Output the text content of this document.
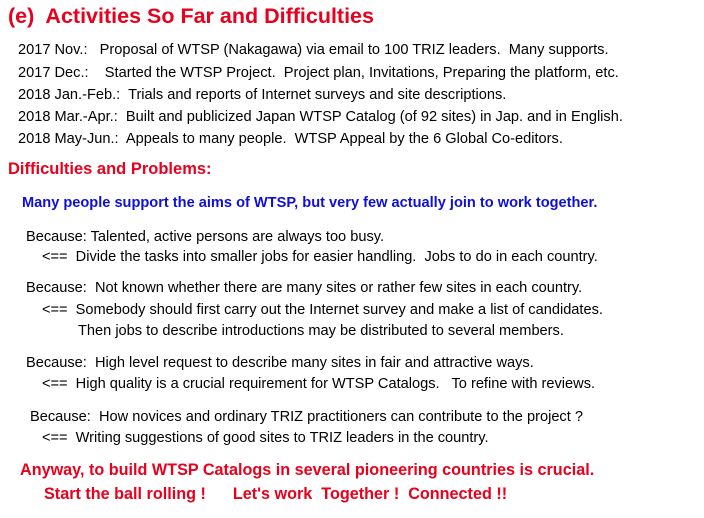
(e)  Activities So Far and Difficulties
2017 Nov.:   Proposal of WTSP (Nakagawa) via email to 100 TRIZ leaders.  Many supports.
2017 Dec.:    Started the WTSP Project.  Project plan, Invitations, Preparing the platform, etc.
2018 Jan.-Feb.:  Trials and reports of Internet surveys and site descriptions.
2018 Mar.-Apr.:  Built and publicized Japan WTSP Catalog (of 92 sites) in Jap. and in English.
2018 May-Jun.:  Appeals to many people.  WTSP Appeal by the 6 Global Co-editors.
Difficulties and Problems:
Many people support the aims of WTSP, but very few actually join to work together.
Because: Talented, active persons are always too busy.
<==  Divide the tasks into smaller jobs for easier handling.  Jobs to do in each country.
Because:  Not known whether there are many sites or rather few sites in each country.
<==  Somebody should first carry out the Internet survey and make a list of candidates.
Then jobs to describe introductions may be distributed to several members.
Because:  High level request to describe many sites in fair and attractive ways.
<==  High quality is a crucial requirement for WTSP Catalogs.   To refine with reviews.
Because:  How novices and ordinary TRIZ practitioners can contribute to the project ?
<==  Writing suggestions of good sites to TRIZ leaders in the country.
Anyway, to build WTSP Catalogs in several pioneering countries is crucial.
Start the ball rolling !      Let's work  Together !  Connected !!
